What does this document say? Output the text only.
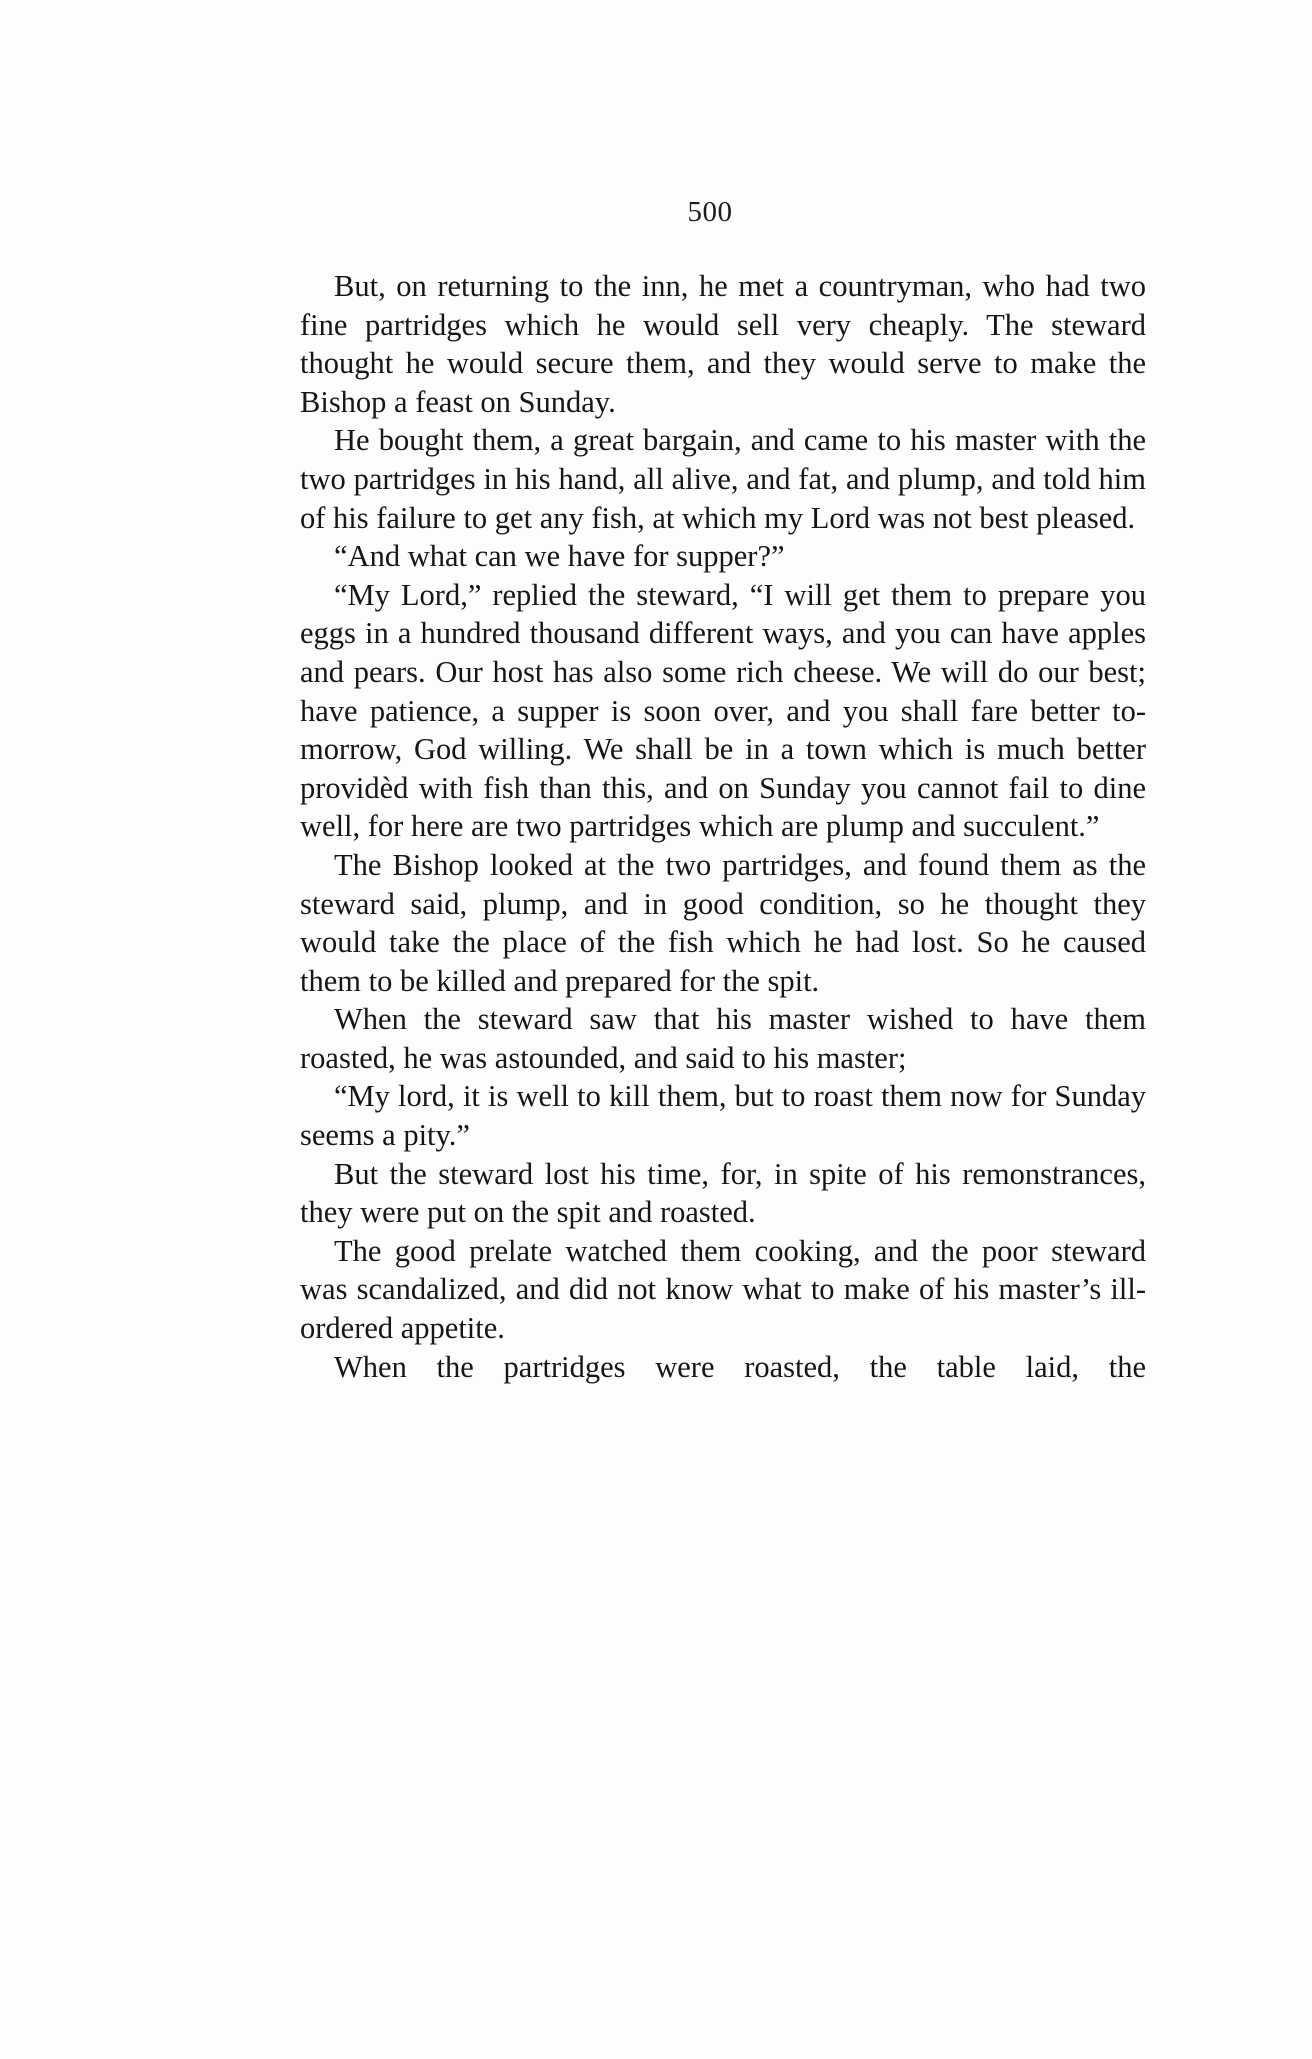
500

But, on returning to the inn, he met a countryman, who had two fine partridges which he would sell very cheaply. The steward thought he would secure them, and they would serve to make the Bishop a feast on Sunday.

He bought them, a great bargain, and came to his master with the two partridges in his hand, all alive, and fat, and plump, and told him of his failure to get any fish, at which my Lord was not best pleased.

“And what can we have for supper?”

“My Lord,” replied the steward, “I will get them to prepare you eggs in a hundred thousand different ways, and you can have apples and pears. Our host has also some rich cheese. We will do our best; have patience, a supper is soon over, and you shall fare better to-morrow, God willing. We shall be in a town which is much better providèd with fish than this, and on Sunday you cannot fail to dine well, for here are two partridges which are plump and succulent.”

The Bishop looked at the two partridges, and found them as the steward said, plump, and in good condition, so he thought they would take the place of the fish which he had lost. So he caused them to be killed and prepared for the spit.

When the steward saw that his master wished to have them roasted, he was astounded, and said to his master;

“My lord, it is well to kill them, but to roast them now for Sunday seems a pity.”

But the steward lost his time, for, in spite of his remonstrances, they were put on the spit and roasted.

The good prelate watched them cooking, and the poor steward was scandalized, and did not know what to make of his master’s ill-ordered appetite.

When the partridges were roasted, the table laid, the
